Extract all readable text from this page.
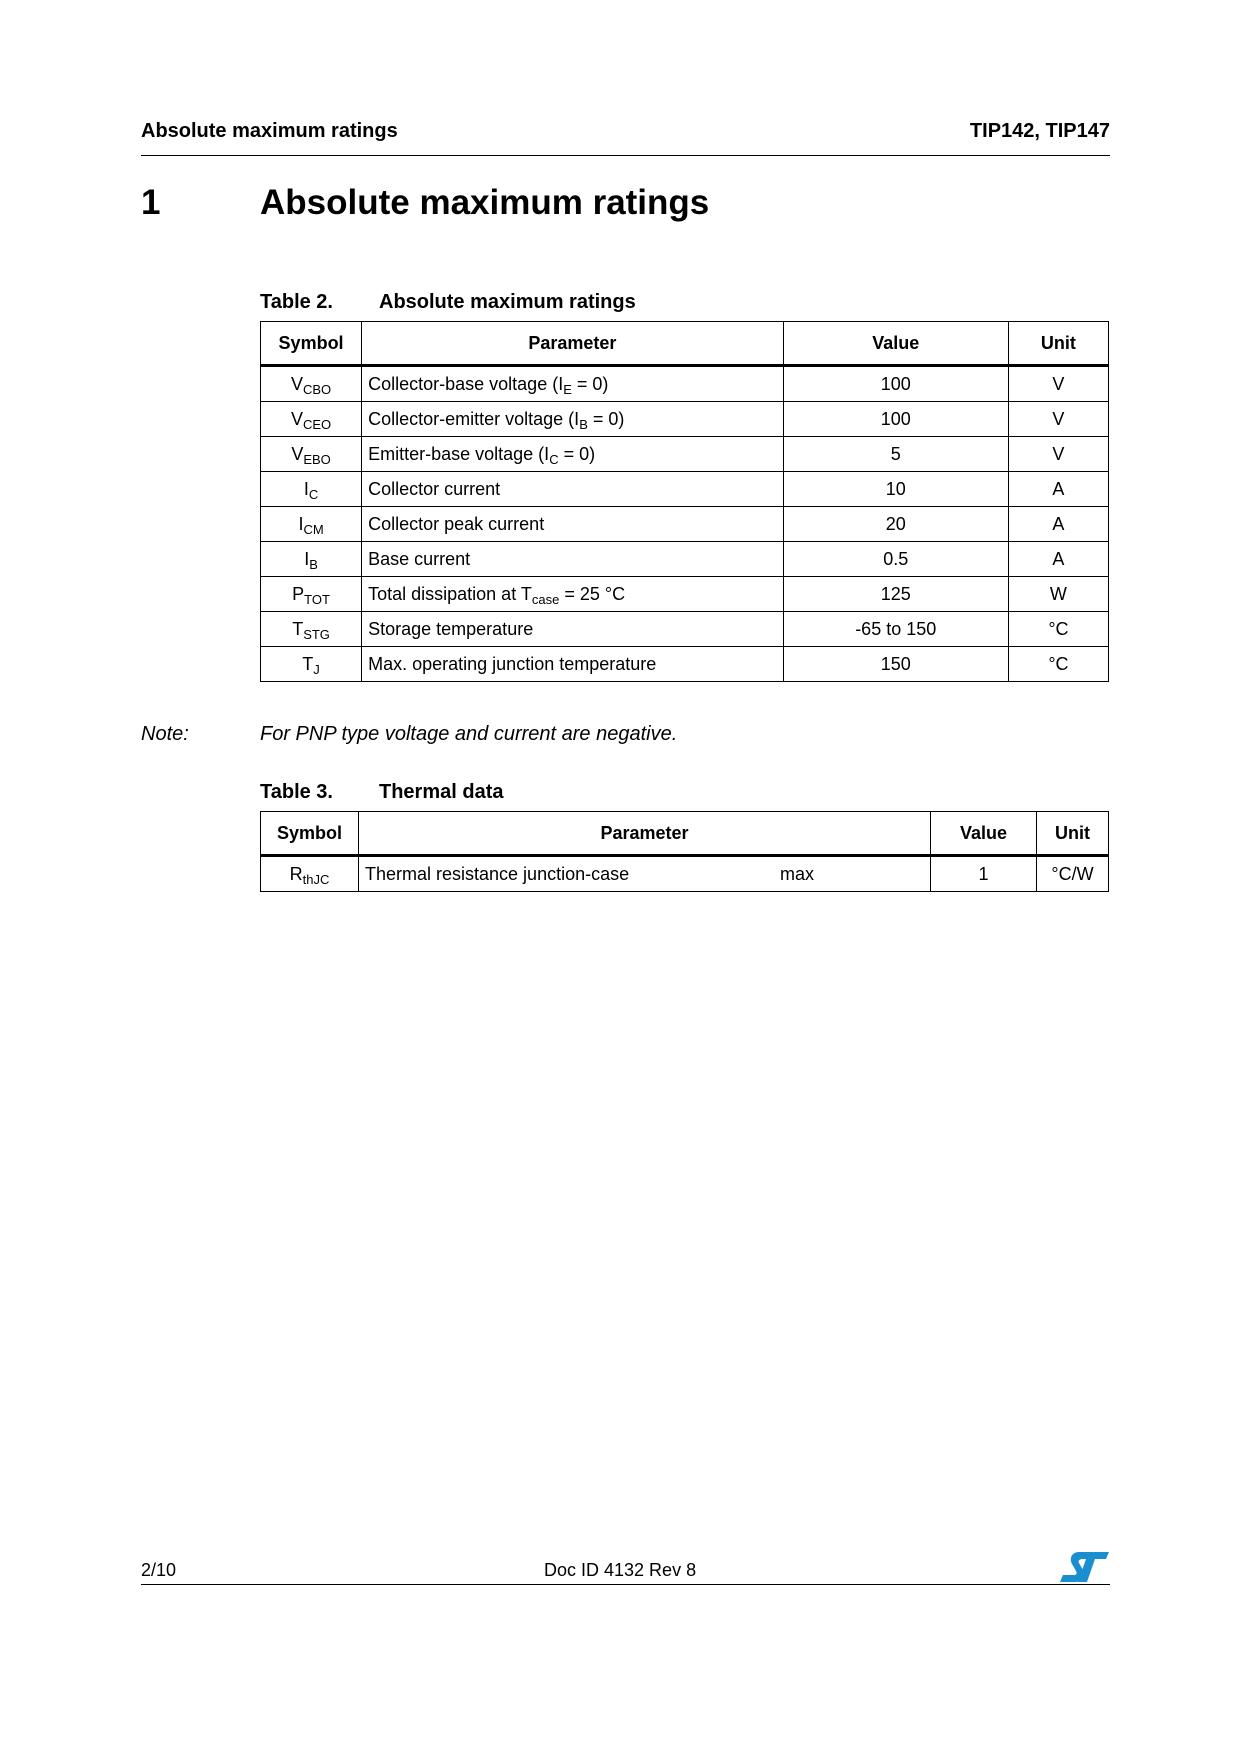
Absolute maximum ratings	TIP142, TIP147
1	Absolute maximum ratings
Table 2. Absolute maximum ratings
Symbol	Parameter	Value	Unit
$V_{CBO}$	Collector-base voltage $(I_E = 0)$	100	V
$V_{CEO}$	Collector-emitter voltage $(I_B = 0)$	100	V
$V_{EBO}$	Emitter-base voltage $(I_C = 0)$	5	V
$I_C$	Collector current	10	A
$I_{CM}$	Collector peak current	20	A
$I_B$	Base current	0.5	A
$P_{TOT}$	Total dissipation at $T_{case} = 25$ °C	125	W
$T_{STG}$	Storage temperature	-65 to 150	°C
$T_J$	Max. operating junction temperature	150	°C
Note:	For PNP type voltage and current are negative.
Table 3. Thermal data
Symbol	Parameter	Value	Unit
$R_{thJC}$	Thermal resistance junction-case max	1	°C/W
2/10	Doc ID 4132 Rev 8
